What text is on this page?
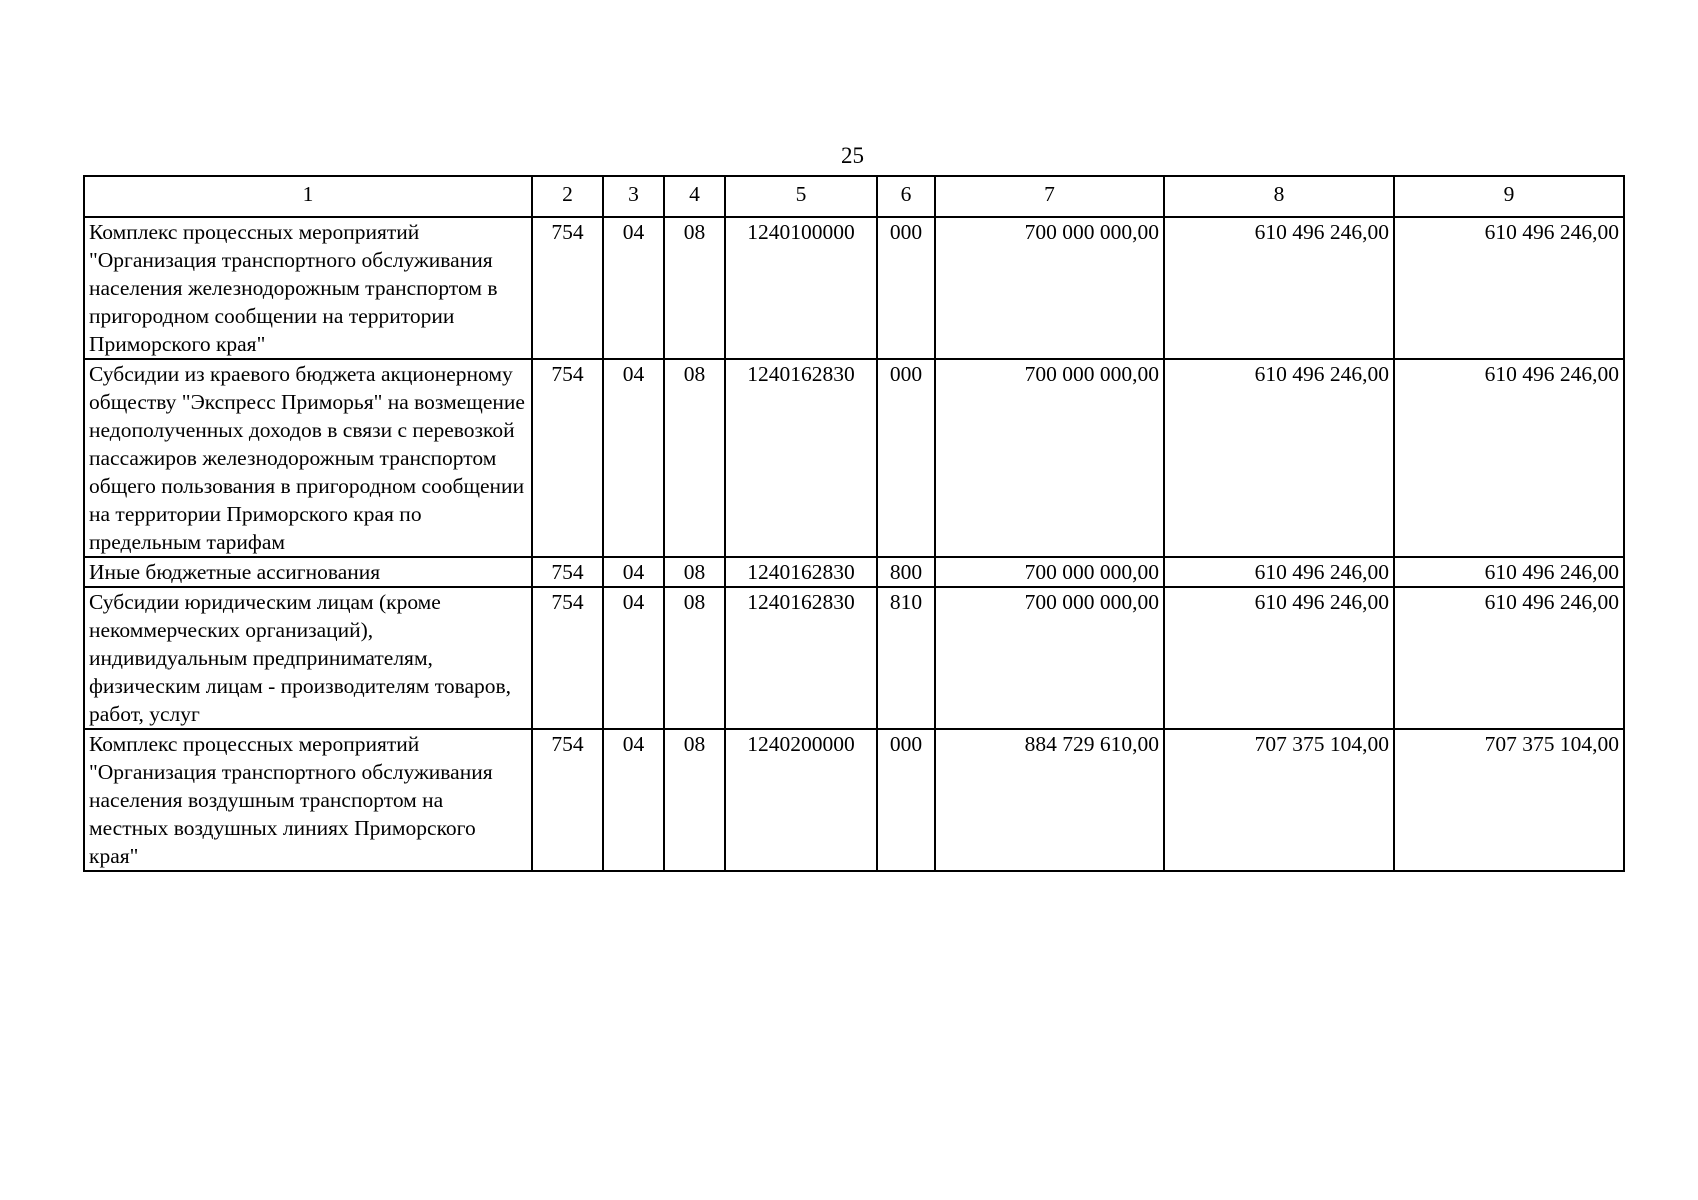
25
1	2	3	4	5	6	7	8	9
Комплекс процессных мероприятий "Организация транспортного обслуживания населения железнодорожным транспортом в пригородном сообщении на территории Приморского края"	754	04	08	1240100000	000	700 000 000,00	610 496 246,00	610 496 246,00
Субсидии из краевого бюджета акционерному обществу "Экспресс Приморья" на возмещение недополученных доходов в связи с перевозкой пассажиров железнодорожным транспортом общего пользования в пригородном сообщении на территории Приморского края по предельным тарифам	754	04	08	1240162830	000	700 000 000,00	610 496 246,00	610 496 246,00
Иные бюджетные ассигнования	754	04	08	1240162830	800	700 000 000,00	610 496 246,00	610 496 246,00
Субсидии юридическим лицам (кроме некоммерческих организаций), индивидуальным предпринимателям, физическим лицам - производителям товаров, работ, услуг	754	04	08	1240162830	810	700 000 000,00	610 496 246,00	610 496 246,00
Комплекс процессных мероприятий "Организация транспортного обслуживания населения воздушным транспортом на местных воздушных линиях Приморского края"	754	04	08	1240200000	000	884 729 610,00	707 375 104,00	707 375 104,00
